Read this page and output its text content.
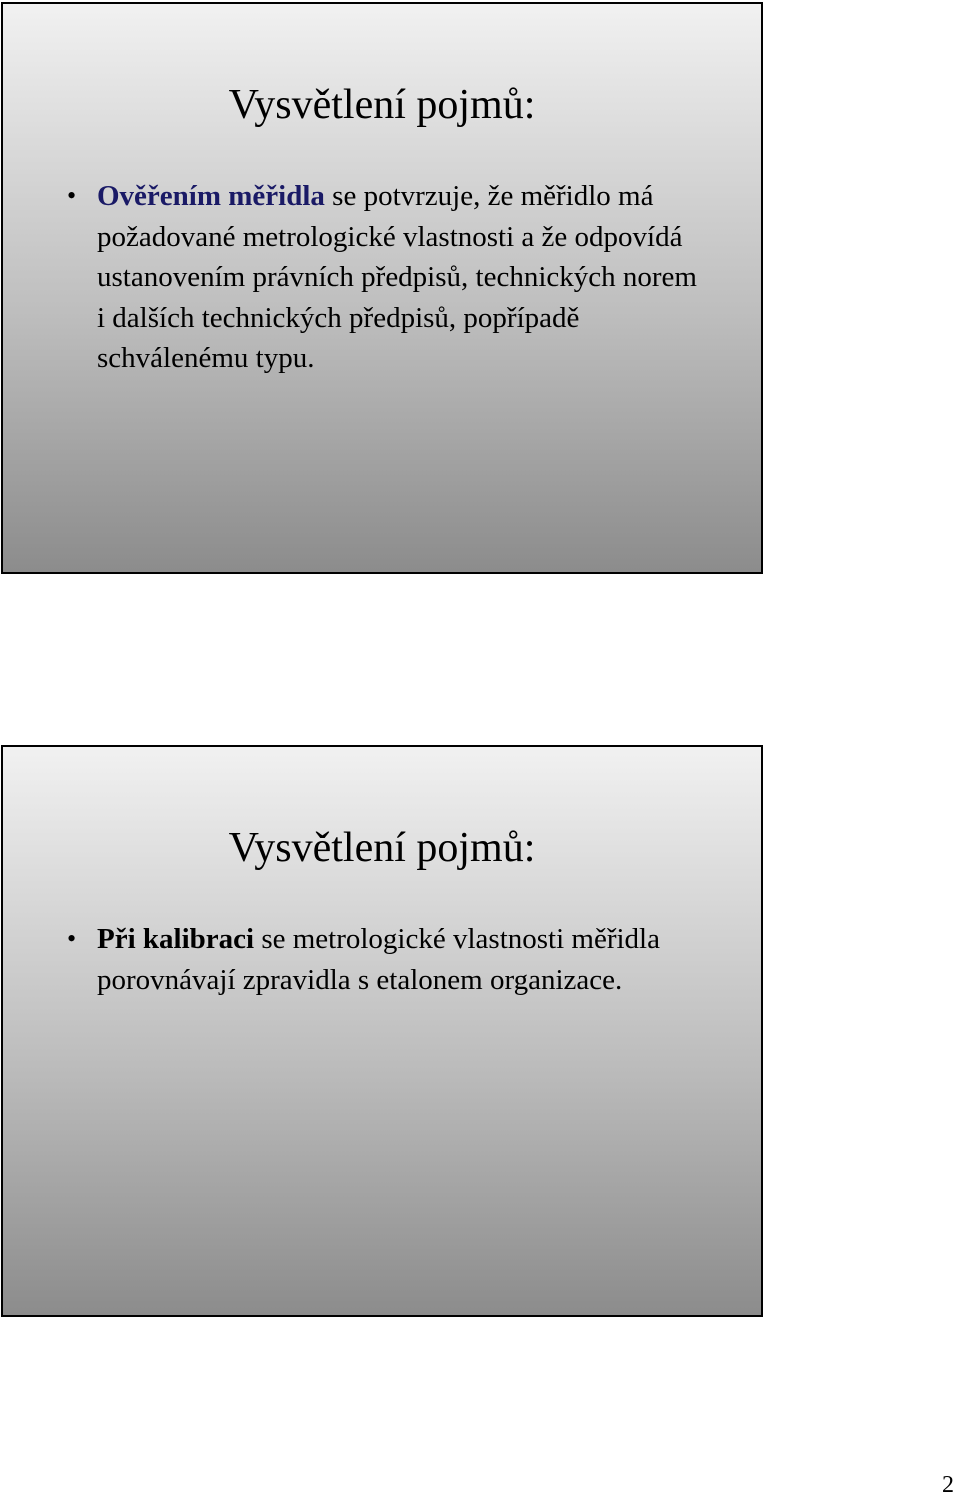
Vysvětlení pojmů:
• Ověřením měřidla se potvrzuje, že měřidlo má požadované metrologické vlastnosti a že odpovídá ustanovením právních předpisů, technických norem i dalších technických předpisů, popřípadě schválenému typu.
Vysvětlení pojmů:
• Při kalibraci se metrologické vlastnosti měřidla porovnávají zpravidla s etalonem organizace.
2
